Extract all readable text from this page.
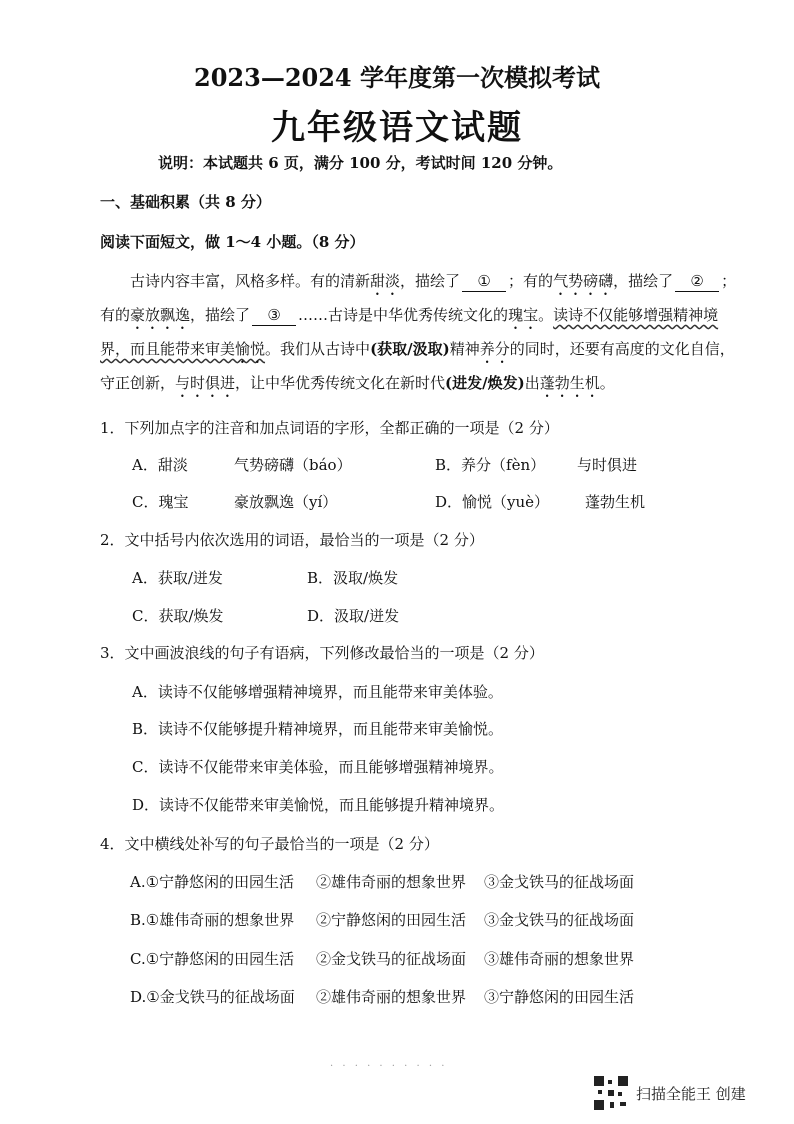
2023—2024 学年度第一次模拟考试
九年级语文试题
说明：本试题共 6 页，满分 100 分，考试时间 120 分钟。
一、基础积累（共 8 分）
阅读下面短文，做 1～4 小题。（8 分）
古诗内容丰富，风格多样。有的清新甜淡，描绘了 ① ；有的气势磅礴，描绘了 ② ；
有的豪放飘逸，描绘了 ③ ……古诗是中华优秀传统文化的瑰宝。读诗不仅能够增强精神境
界，而且能带来审美愉悦。我们从古诗中(获取/汲取)精神养分的同时，还要有高度的文化自信，
守正创新，与时俱进，让中华优秀传统文化在新时代(进发/焕发)出蓬勃生机。
1．下列加点字的注音和加点词语的字形，全都正确的一项是（2 分）
A．甜淡	气势磅礴（báo）	B．养分（fèn） 与时俱进
C．瑰宝	豪放飘逸（yí）	D．愉悦（yuè） 蓬勃生机
2．文中括号内依次选用的词语，最恰当的一项是（2 分）
A．获取/迸发	B．汲取/焕发
C．获取/焕发	D．汲取/迸发
3．文中画波浪线的句子有语病，下列修改最恰当的一项是（2 分）
A．读诗不仅能够增强精神境界，而且能带来审美体验。
B．读诗不仅能够提升精神境界，而且能带来审美愉悦。
C．读诗不仅能带来审美体验，而且能够增强精神境界。
D．读诗不仅能带来审美愉悦，而且能够提升精神境界。
4．文中横线处补写的句子最恰当的一项是（2 分）
A.①宁静悠闲的田园生活 ②雄伟奇丽的想象世界 ③金戈铁马的征战场面
B.①雄伟奇丽的想象世界 ②宁静悠闲的田园生活 ③金戈铁马的征战场面
C.①宁静悠闲的田园生活 ②金戈铁马的征战场面 ③雄伟奇丽的想象世界
D.①金戈铁马的征战场面 ②雄伟奇丽的想象世界 ③宁静悠闲的田园生活
. . . . . . . . . .
扫描全能王 创建
